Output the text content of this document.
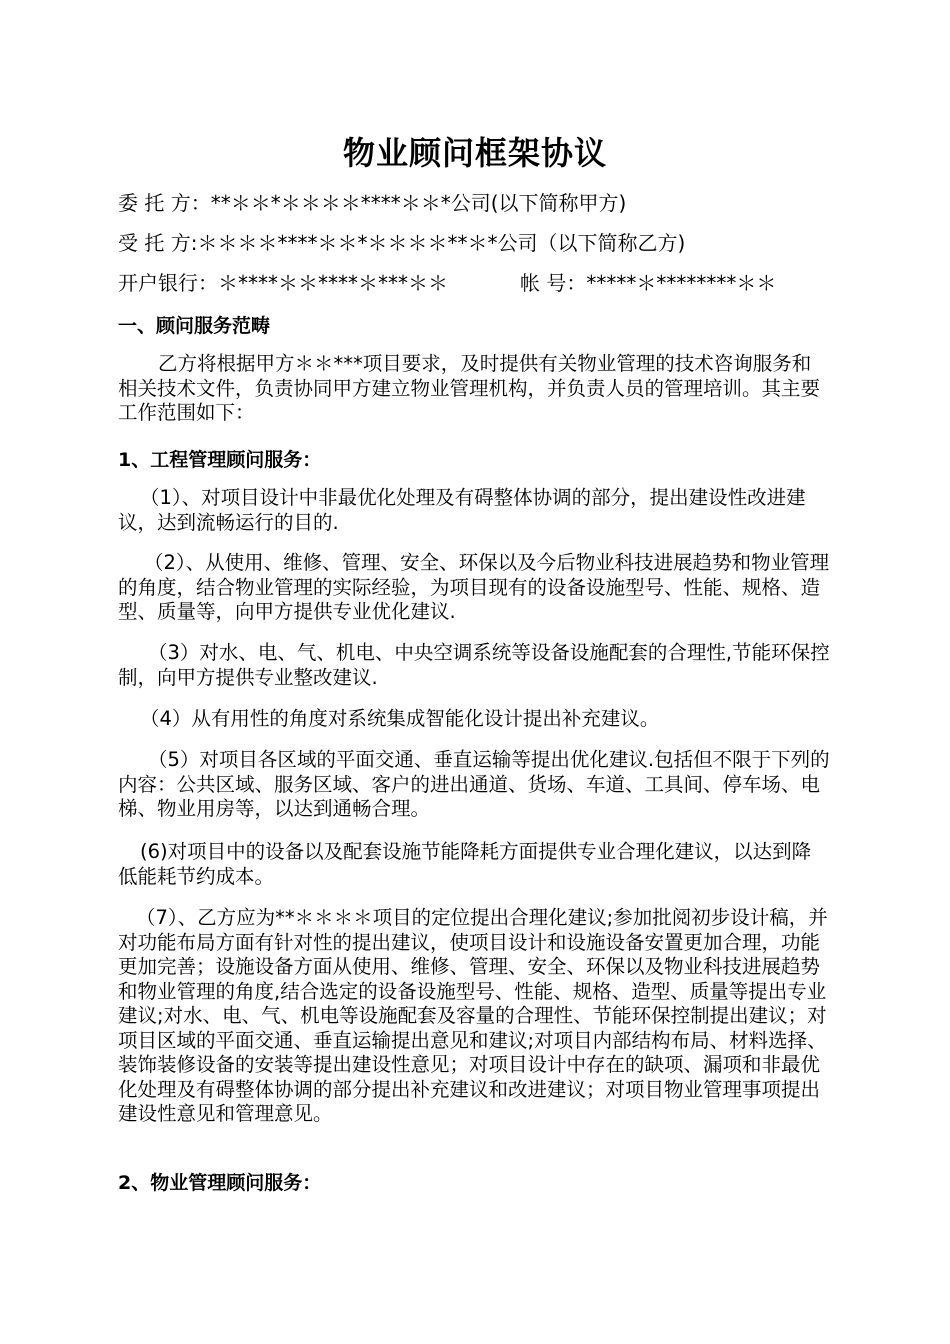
物业顾问框架协议
委 托 方：**＊＊*＊＊＊＊****＊＊*公司(以下简称甲方)
受 托 方:＊＊＊＊****＊＊*＊＊＊＊**＊*公司（以下简称乙方)
开户银行：＊****＊＊****＊***＊＊	帐 号：*****＊********＊＊
一、顾问服务范畴
乙方将根据甲方＊＊***项目要求，及时提供有关物业管理的技术咨询服务和相关技术文件，负责协同甲方建立物业管理机构，并负责人员的管理培训。其主要工作范围如下：
1、工程管理顾问服务：
（1）、对项目设计中非最优化处理及有碍整体协调的部分，提出建设性改进建议，达到流畅运行的目的.
（2）、从使用、维修、管理、安全、环保以及今后物业科技进展趋势和物业管理的角度，结合物业管理的实际经验，为项目现有的设备设施型号、性能、规格、造型、质量等，向甲方提供专业优化建议.
（3）对水、电、气、机电、中央空调系统等设备设施配套的合理性,节能环保控制，向甲方提供专业整改建议.
（4）从有用性的角度对系统集成智能化设计提出补充建议。
（5）对项目各区域的平面交通、垂直运输等提出优化建议.包括但不限于下列的内容：公共区域、服务区域、客户的进出通道、货场、车道、工具间、停车场、电梯、物业用房等，以达到通畅合理。
(6)对项目中的设备以及配套设施节能降耗方面提供专业合理化建议，以达到降低能耗节约成本。
（7）、乙方应为**＊＊＊＊项目的定位提出合理化建议;参加批阅初步设计稿，并对功能布局方面有针对性的提出建议，使项目设计和设施设备安置更加合理，功能更加完善；设施设备方面从使用、维修、管理、安全、环保以及物业科技进展趋势和物业管理的角度,结合选定的设备设施型号、性能、规格、造型、质量等提出专业建议;对水、电、气、机电等设施配套及容量的合理性、节能环保控制提出建议；对项目区域的平面交通、垂直运输提出意见和建议;对项目内部结构布局、材料选择、装饰装修设备的安装等提出建设性意见；对项目设计中存在的缺项、漏项和非最优化处理及有碍整体协调的部分提出补充建议和改进建议；对项目物业管理事项提出建设性意见和管理意见。
2、物业管理顾问服务：
